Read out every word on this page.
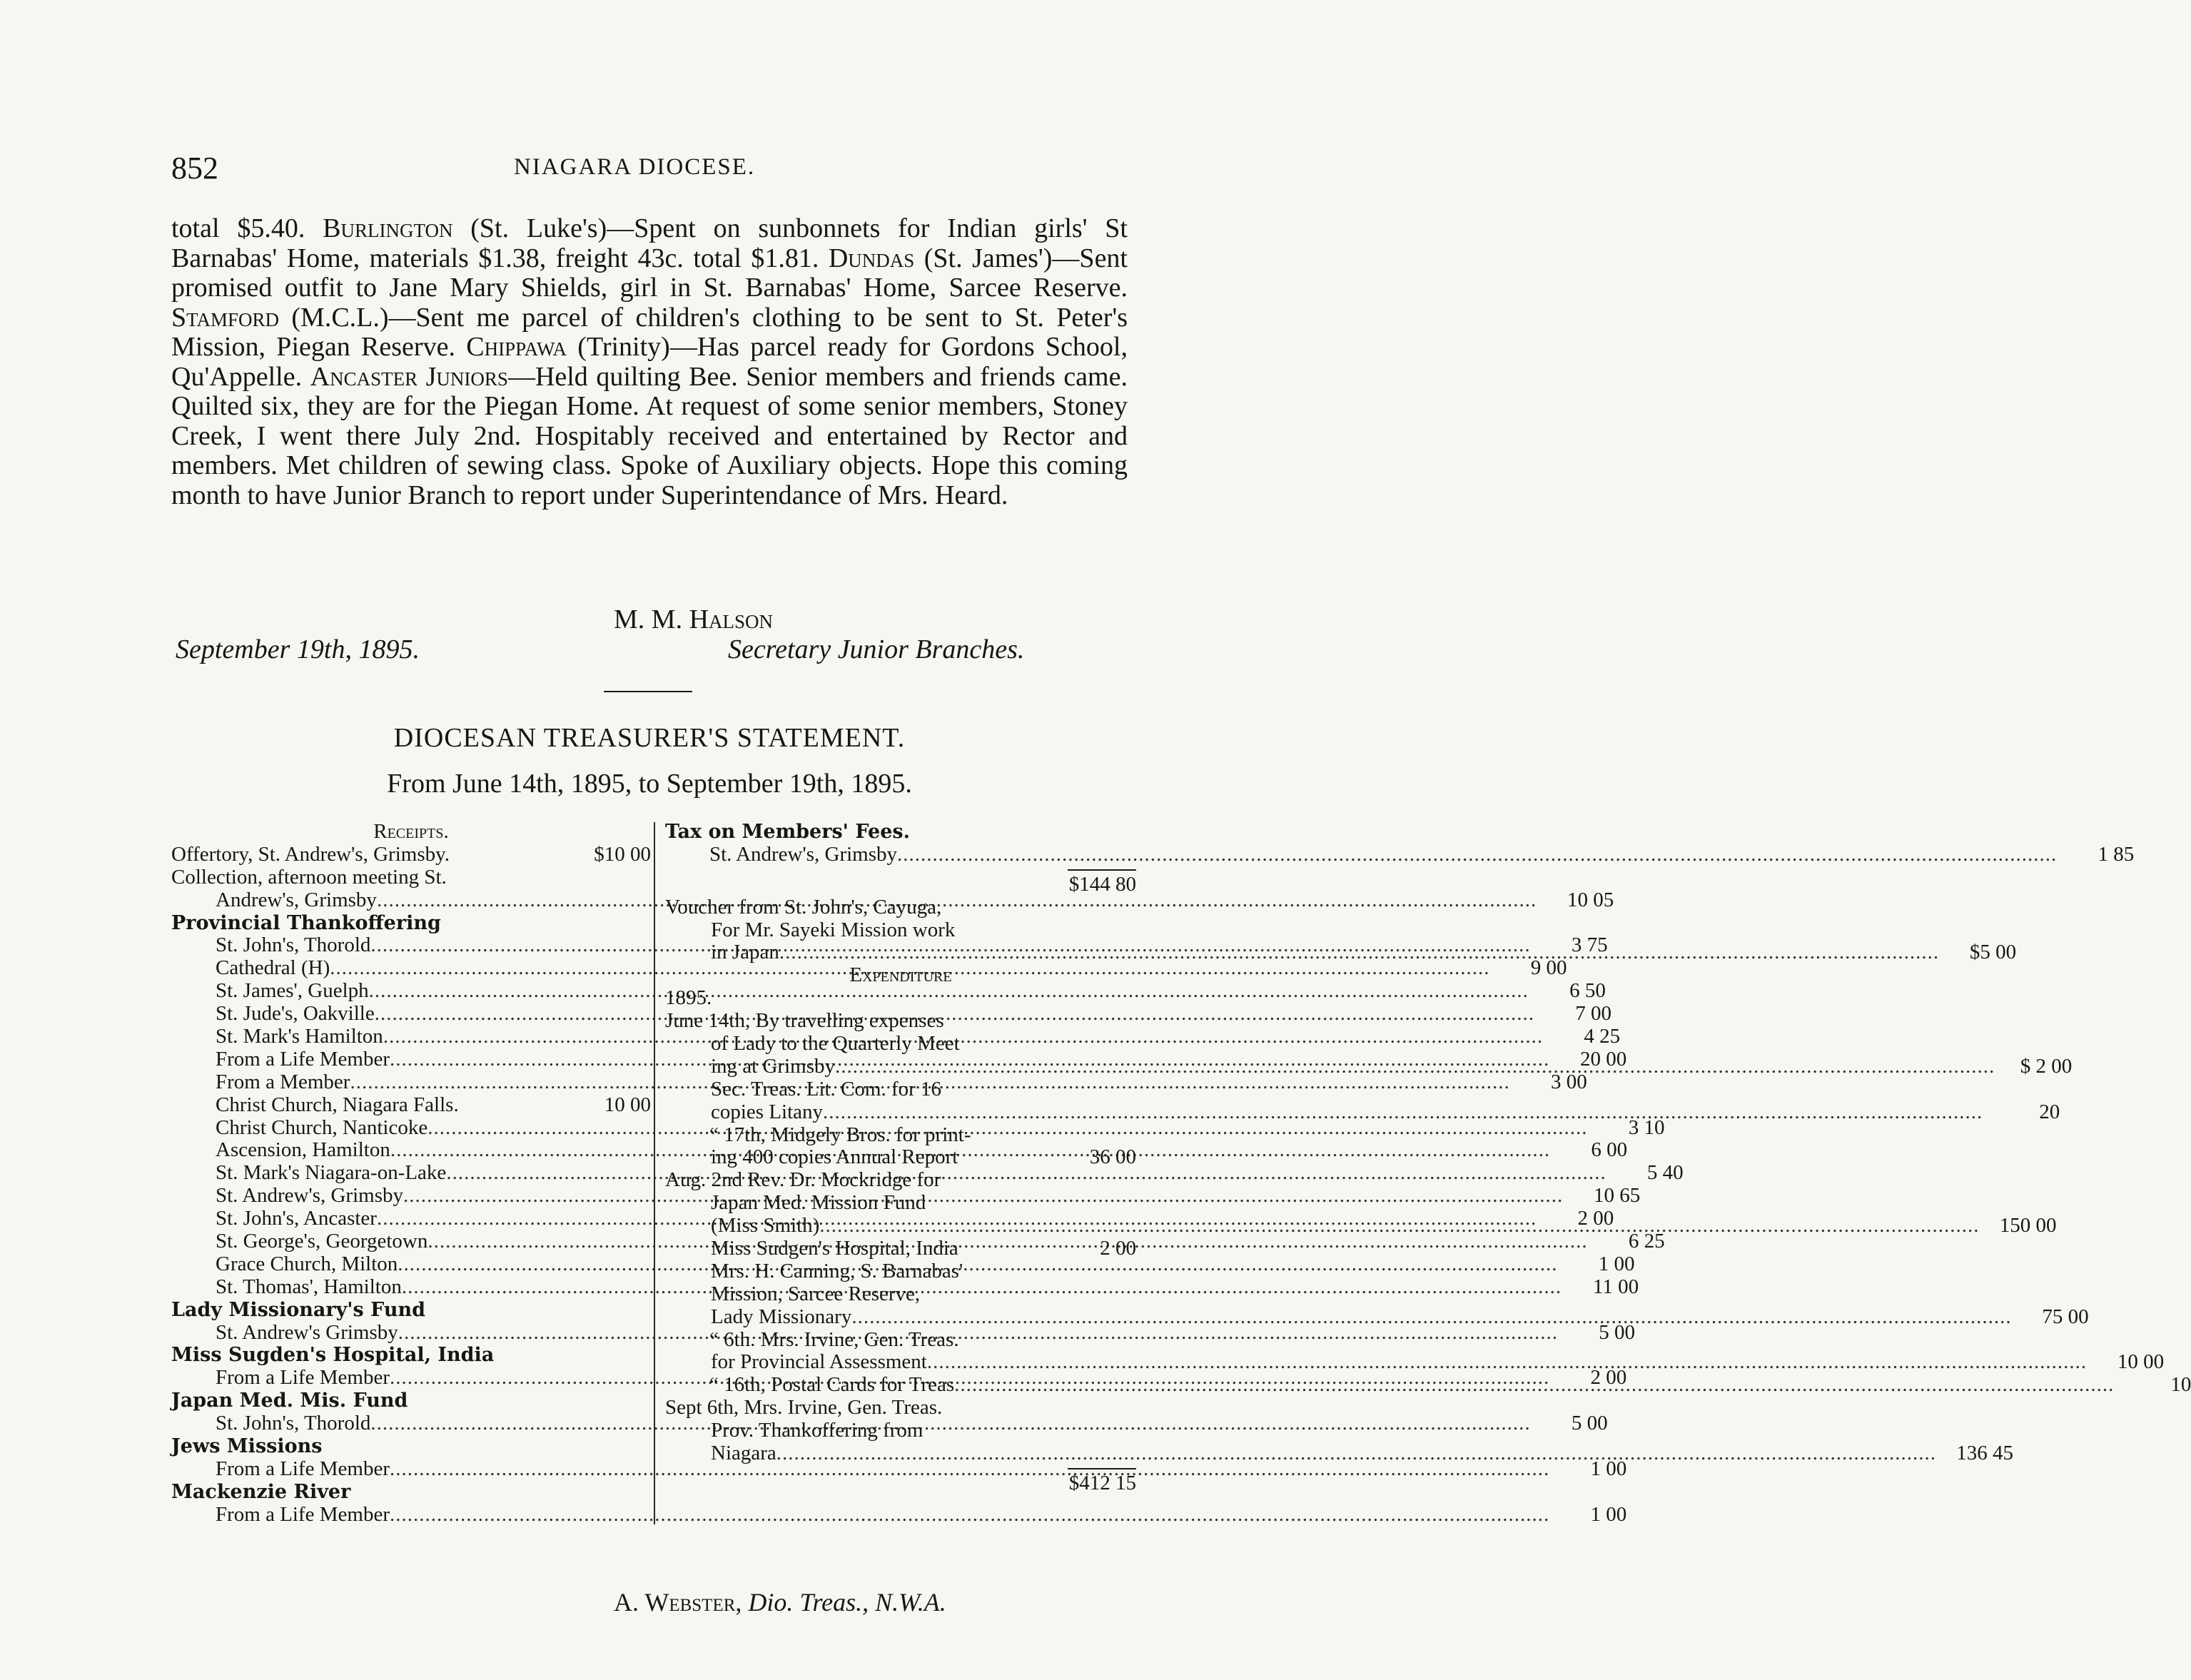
852	NIAGARA DIOCESE.

total $5.40. Burlington (St. Luke's)—Spent on sunbonnets for Indian girls' St Barnabas' Home, materials $1.38, freight 43c. total $1.81. Dundas (St. James')—Sent promised outfit to Jane Mary Shields, girl in St. Barnabas' Home, Sarcee Reserve. Stamford (M.C.L.)—Sent me parcel of children's clothing to be sent to St. Peter's Mission, Piegan Reserve. Chippawa (Trinity)—Has parcel ready for Gordons School, Qu'Appelle. Ancaster Juniors—Held quilting Bee. Senior members and friends came. Quilted six, they are for the Piegan Home. At request of some senior members, Stoney Creek, I went there July 2nd. Hospitably received and entertained by Rector and members. Met children of sewing class. Spoke of Auxiliary objects. Hope this coming month to have Junior Branch to report under Superintendance of Mrs. Heard.

M. M. Halson
September 19th, 1895.	Secretary Junior Branches.
DIOCESAN TREASURER'S STATEMENT.
From June 14th, 1895, to September 19th, 1895.
Receipts.
Offertory, St. Andrew's, Grimsby.	$10 00
Collection, afternoon meeting St.
Andrew's, Grimsby .....	10 05
Provincial Thankoffering
St. John's, Thorold .....	3 75
Cathedral (H) .....	9 00
St. James', Guelph .....	6 50
St. Jude's, Oakville .....	7 00
St. Mark's Hamilton .....	4 25
From a Life Member .....	20 00
From a Member .....	3 00
Christ Church, Niagara Falls.	10 00
Christ Church, Nanticoke .....	3 10
Ascension, Hamilton .....	6 00
St. Mark's Niagara-on-Lake .....	5 40
St. Andrew's, Grimsby .....	10 65
St. John's, Ancaster .....	2 00
St. George's, Georgetown .....	6 25
Grace Church, Milton .....	1 00
St. Thomas', Hamilton .....	11 00
Lady Missionary's Fund
St. Andrew's Grimsby .....	5 00
Miss Sugden's Hospital, India
From a Life Member .....	2 00
Japan Med. Mis. Fund
St. John's, Thorold .....	5 00
Jews Missions
From a Life Member .....	1 00
Mackenzie River
From a Life Member .....	1 00
Tax on Members' Fees.
St. Andrew's, Grimsby .....	1 85
$144 80
Voucher from St. John's, Cayuga,
For Mr. Sayeki Mission work
in Japan .....	$5 00
Expenditure
1895.
June 14th, By travelling expenses
of Lady to the Quarterly Meet
ing at Grimsby .....	$ 2 00
Sec. Treas. Lit. Com. for 16
copies Litany .....	20
“ 17th, Midgely Bros. for print-
ing 400 copies Annual Report	36 00
Aug. 2nd Rev. Dr. Mockridge for
Japan Med. Mission Fund
(Miss Smith) .....	150 00
Miss Sudgen's Hospital, India	2 00
Mrs. H. Canning, S. Barnabas'
Mission, Sarcee Reserve,
Lady Missionary .....	75 00
“ 6th. Mrs. Irvine, Gen. Treas.
for Provincial Assessment .....	10 00
“ 16th, Postal Cards for Treas .....	10
Sept 6th, Mrs. Irvine, Gen. Treas.
Prov. Thankoffering from
Niagara .....	136 45
$412 15
A. Webster, Dio. Treas., N.W.A.
